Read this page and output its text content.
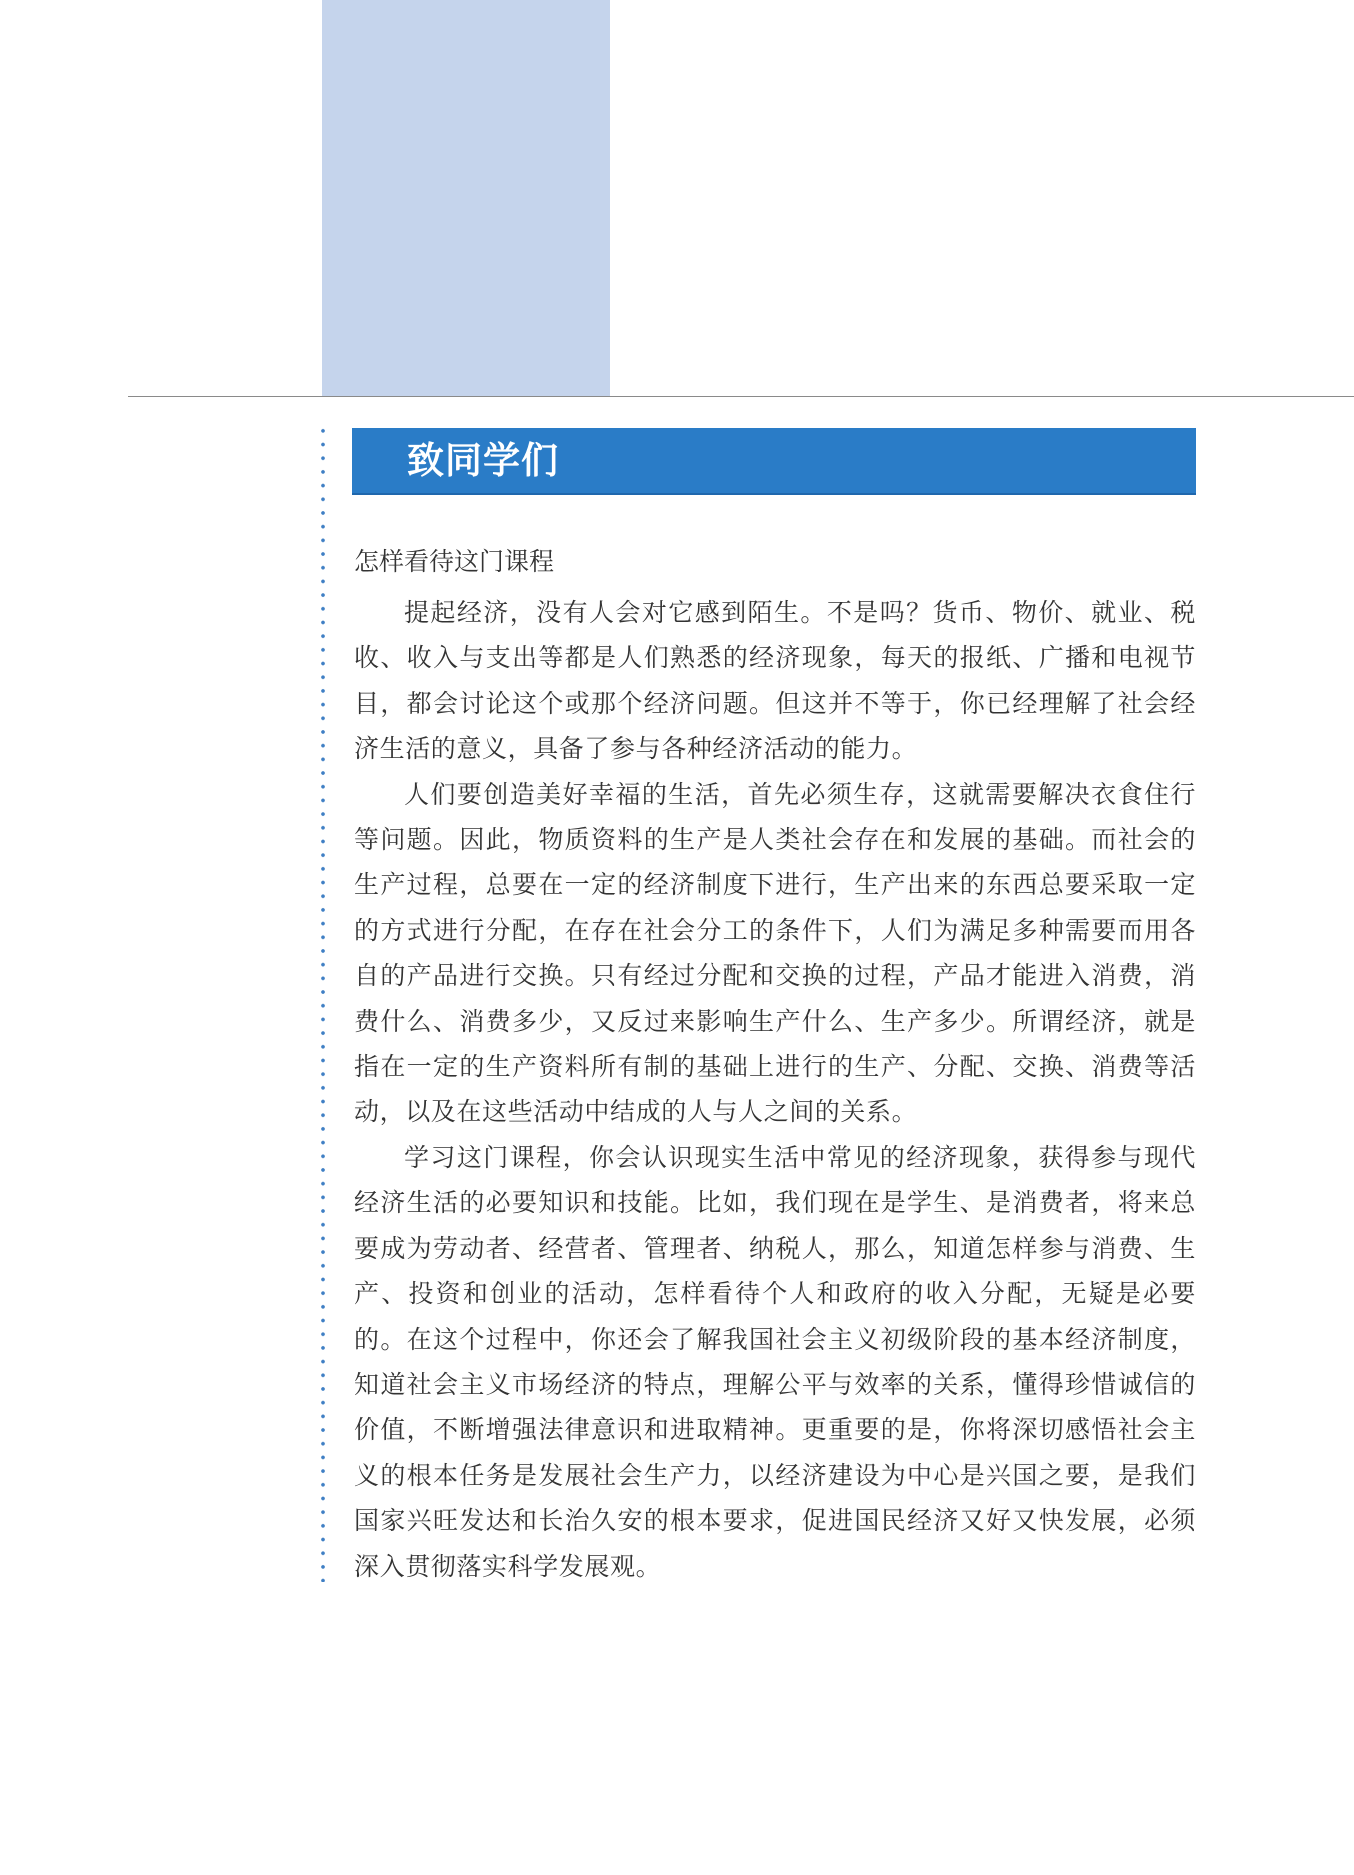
致同学们
怎样看待这门课程

提起经济，没有人会对它感到陌生。不是吗？货币、物价、就业、税收、收入与支出等都是人们熟悉的经济现象，每天的报纸、广播和电视节目，都会讨论这个或那个经济问题。但这并不等于，你已经理解了社会经济生活的意义，具备了参与各种经济活动的能力。

人们要创造美好幸福的生活，首先必须生存，这就需要解决衣食住行等问题。因此，物质资料的生产是人类社会存在和发展的基础。而社会的生产过程，总要在一定的经济制度下进行，生产出来的东西总要采取一定的方式进行分配，在存在社会分工的条件下，人们为满足多种需要而用各自的产品进行交换。只有经过分配和交换的过程，产品才能进入消费，消费什么、消费多少，又反过来影响生产什么、生产多少。所谓经济，就是指在一定的生产资料所有制的基础上进行的生产、分配、交换、消费等活动，以及在这些活动中结成的人与人之间的关系。

学习这门课程，你会认识现实生活中常见的经济现象，获得参与现代经济生活的必要知识和技能。比如，我们现在是学生、是消费者，将来总要成为劳动者、经营者、管理者、纳税人，那么，知道怎样参与消费、生产、投资和创业的活动，怎样看待个人和政府的收入分配，无疑是必要的。在这个过程中，你还会了解我国社会主义初级阶段的基本经济制度，知道社会主义市场经济的特点，理解公平与效率的关系，懂得珍惜诚信的价值，不断增强法律意识和进取精神。更重要的是，你将深切感悟社会主义的根本任务是发展社会生产力，以经济建设为中心是兴国之要，是我们国家兴旺发达和长治久安的根本要求，促进国民经济又好又快发展，必须深入贯彻落实科学发展观。
